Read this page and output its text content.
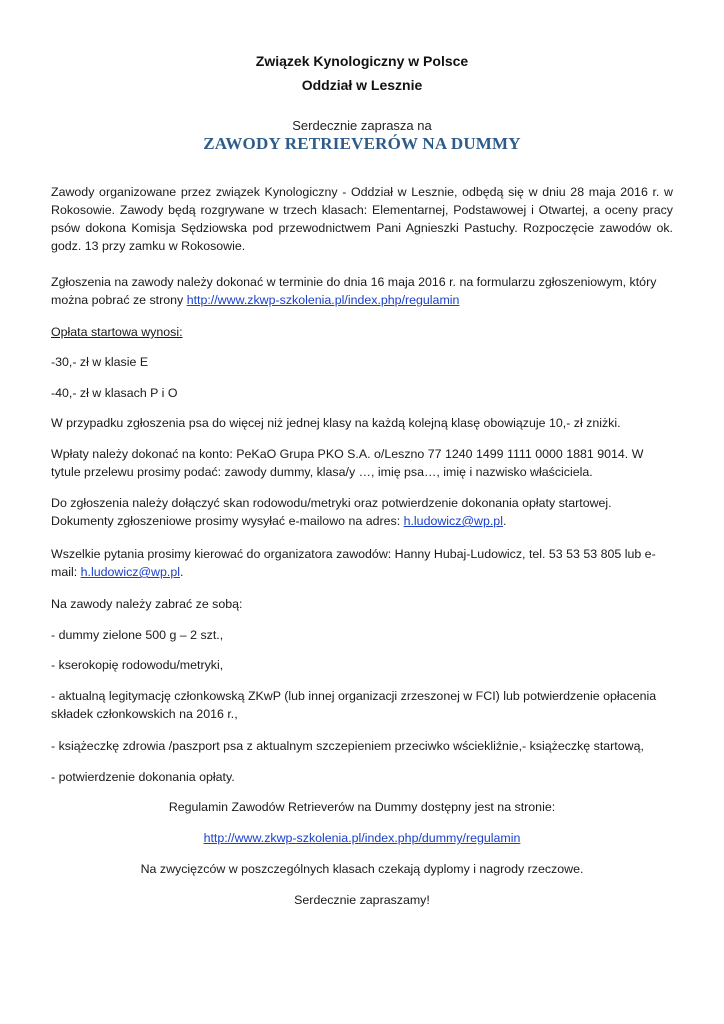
Związek Kynologiczny w Polsce
Oddział w Lesznie
Serdecznie zaprasza na
ZAWODY RETRIEVERÓW NA DUMMY
Zawody organizowane przez związek Kynologiczny - Oddział w Lesznie, odbędą się w dniu 28 maja 2016 r. w Rokosowie. Zawody będą rozgrywane w trzech klasach: Elementarnej, Podstawowej i Otwartej, a oceny pracy psów dokona Komisja Sędziowska pod przewodnictwem Pani Agnieszki Pastuchy. Rozpoczęcie zawodów ok. godz. 13 przy zamku w Rokosowie.
Zgłoszenia na zawody należy dokonać w terminie do dnia 16 maja 2016 r. na formularzu zgłoszeniowym, który można pobrać ze strony http://www.zkwp-szkolenia.pl/index.php/regulamin
Opłata startowa wynosi:
-30,- zł w klasie E
-40,- zł w klasach P i O
W przypadku zgłoszenia psa do więcej niż jednej klasy na każdą kolejną klasę obowiązuje 10,- zł zniżki.
Wpłaty należy dokonać na konto: PeKaO Grupa PKO S.A. o/Leszno 77 1240 1499 1111 0000 1881 9014. W tytule przelewu prosimy podać: zawody dummy, klasa/y …, imię psa…, imię i nazwisko właściciela.
Do zgłoszenia należy dołączyć skan rodowodu/metryki oraz potwierdzenie dokonania opłaty startowej. Dokumenty zgłoszeniowe prosimy wysyłać e-mailowo na adres: h.ludowicz@wp.pl.
Wszelkie pytania prosimy kierować do organizatora zawodów: Hanny Hubaj-Ludowicz, tel. 53 53 53 805 lub e-mail: h.ludowicz@wp.pl.
Na zawody należy zabrać ze sobą:
- dummy zielone 500 g – 2 szt.,
- kserokopię rodowodu/metryki,
- aktualną legitymację członkowską ZKwP (lub innej organizacji zrzeszonej w FCI) lub potwierdzenie opłacenia składek członkowskich na 2016 r.,
- książeczkę zdrowia /paszport psa z aktualnym szczepieniem przeciwko wściekliźnie,- książeczkę startową,
- potwierdzenie dokonania opłaty.
Regulamin Zawodów Retrieverów na Dummy dostępny jest na stronie:
http://www.zkwp-szkolenia.pl/index.php/dummy/regulamin
Na zwycięzców w poszczególnych klasach czekają dyplomy i nagrody rzeczowe.
Serdecznie zapraszamy!
